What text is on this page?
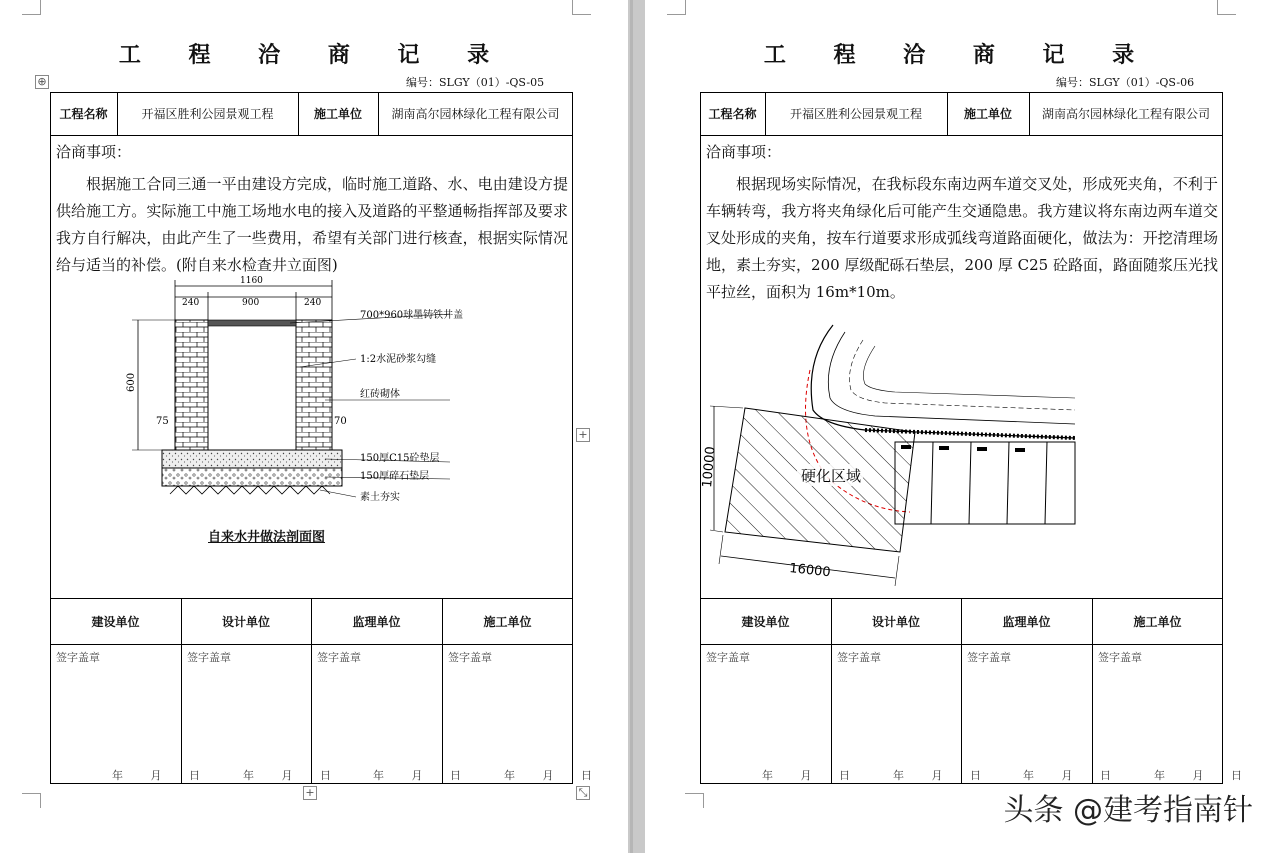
工 程 洽 商 记 录
编号：SLGY（01）-QS-05
⊕
工程名称	开福区胜利公园景观工程	施工单位	湖南高尔园林绿化工程有限公司
洽商事项：
根据施工合同三通一平由建设方完成，临时施工道路、水、电由建设方提供给施工方。实际施工中施工场地水电的接入及道路的平整通畅指挥部及要求我方自行解决，由此产生了一些费用，希望有关部门进行核查，根据实际情况给与适当的补偿。(附自来水检查井立面图)
1160
240	900	240
600
75	70
700*960球墨铸铁井盖
1:2水泥砂浆勾缝
红砖砌体
150厚C15砼垫层
150厚碎石垫层
素土夯实
自来水井做法剖面图
建设单位	设计单位	监理单位	施工单位
签字盖章	签字盖章	签字盖章	签字盖章
年 月 日	年 月 日	年 月 日	年 月 日
+
+	⤡
工 程 洽 商 记 录
编号：SLGY（01）-QS-06
工程名称	开福区胜利公园景观工程	施工单位	湖南高尔园林绿化工程有限公司
洽商事项：
根据现场实际情况，在我标段东南边两车道交叉处，形成死夹角，不利于车辆转弯，我方将夹角绿化后可能产生交通隐患。我方建议将东南边两车道交叉处形成的夹角，按车行道要求形成弧线弯道路面硬化，做法为：开挖清理场地，素土夯实，200 厚级配砾石垫层，200 厚 C25 砼路面，路面随浆压光找平拉丝，面积为 16m*10m。
10000
16000
硬化区域
建设单位	设计单位	监理单位	施工单位
签字盖章	签字盖章	签字盖章	签字盖章
年 月 日	年 月 日	年 月 日	年 月 日
头条 @建考指南针
